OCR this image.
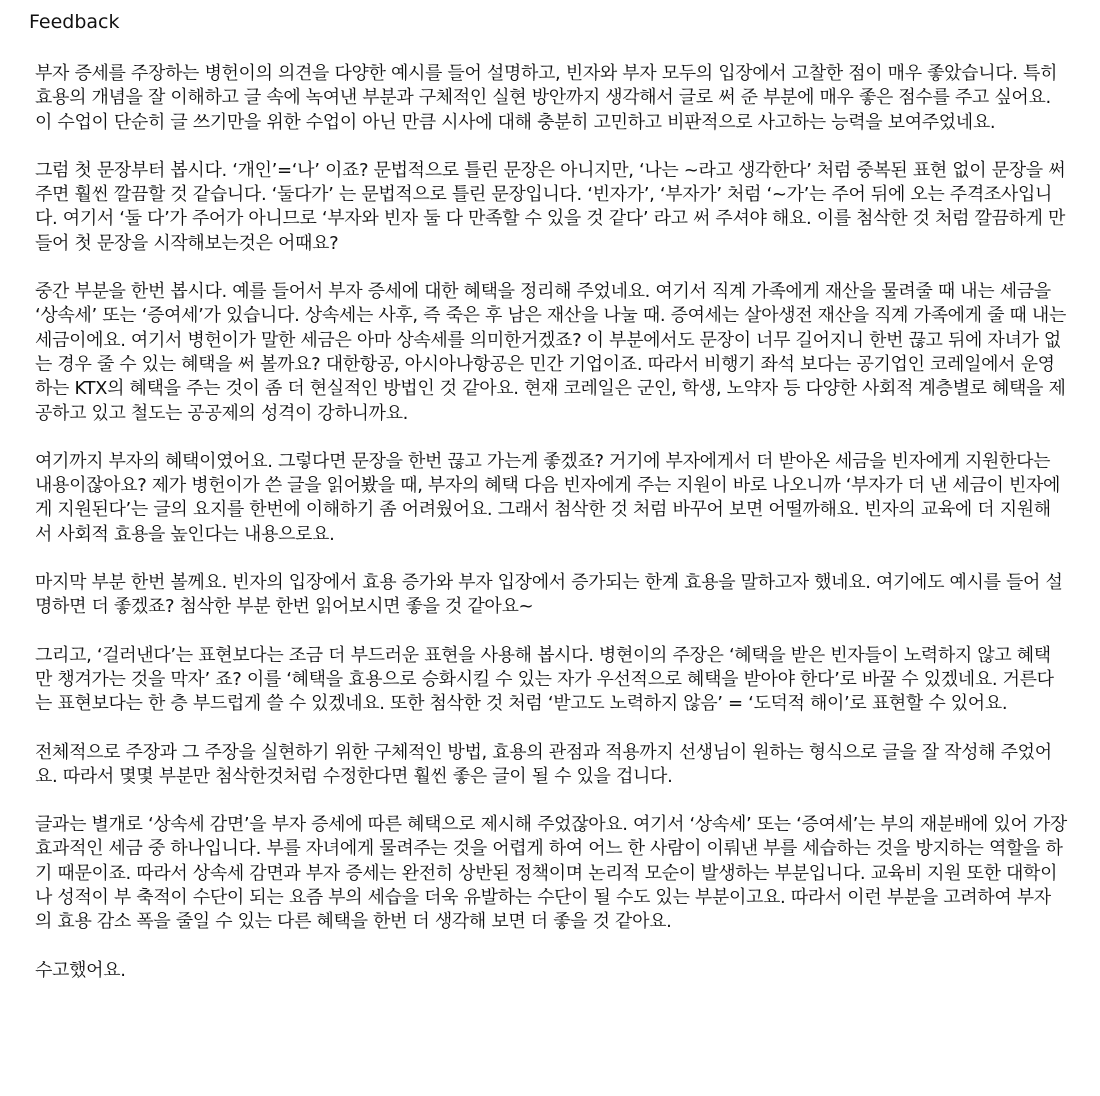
Feedback

부자 증세를 주장하는 병헌이의 의견을 다양한 예시를 들어 설명하고, 빈자와 부자 모두의 입장에서 고찰한 점이 매우 좋았습니다. 특히 효용의 개념을 잘 이해하고 글 속에 녹여낸 부분과 구체적인 실현 방안까지 생각해서 글로 써 준 부분에 매우 좋은 점수를 주고 싶어요. 이 수업이 단순히 글 쓰기만을 위한 수업이 아닌 만큼 시사에 대해 충분히 고민하고 비판적으로 사고하는 능력을 보여주었네요.

그럼 첫 문장부터 봅시다. ‘개인’=‘나’ 이죠? 문법적으로 틀린 문장은 아니지만, ‘나는 ~라고 생각한다’ 처럼 중복된 표현 없이 문장을 써 주면 훨씬 깔끔할 것 같습니다. ‘둘다가’ 는 문법적으로 틀린 문장입니다. ‘빈자가’, ‘부자가’ 처럼 ‘~가’는 주어 뒤에 오는 주격조사입니다. 여기서 ‘둘 다’가 주어가 아니므로 ‘부자와 빈자 둘 다 만족할 수 있을 것 같다’ 라고 써 주셔야 해요. 이를 첨삭한 것 처럼 깔끔하게 만들어 첫 문장을 시작해보는것은 어때요?

중간 부분을 한번 봅시다. 예를 들어서 부자 증세에 대한 혜택을 정리해 주었네요. 여기서 직계 가족에게 재산을 물려줄 때 내는 세금을 ‘상속세’ 또는 ‘증여세’가 있습니다. 상속세는 사후, 즉 죽은 후 남은 재산을 나눌 때. 증여세는 살아생전 재산을 직계 가족에게 줄 때 내는 세금이에요. 여기서 병헌이가 말한 세금은 아마 상속세를 의미한거겠죠? 이 부분에서도 문장이 너무 길어지니 한번 끊고 뒤에 자녀가 없는 경우 줄 수 있는 혜택을 써 볼까요? 대한항공, 아시아나항공은 민간 기업이죠. 따라서 비행기 좌석 보다는 공기업인 코레일에서 운영하는 KTX의 혜택을 주는 것이 좀 더 현실적인 방법인 것 같아요. 현재 코레일은 군인, 학생, 노약자 등 다양한 사회적 계층별로 혜택을 제공하고 있고 철도는 공공제의 성격이 강하니까요.

여기까지 부자의 혜택이였어요. 그렇다면 문장을 한번 끊고 가는게 좋겠죠? 거기에 부자에게서 더 받아온 세금을 빈자에게 지원한다는 내용이잖아요? 제가 병헌이가 쓴 글을 읽어봤을 때, 부자의 혜택 다음 빈자에게 주는 지원이 바로 나오니까 ‘부자가 더 낸 세금이 빈자에게 지원된다’는 글의 요지를 한번에 이해하기 좀 어려웠어요. 그래서 첨삭한 것 처럼 바꾸어 보면 어떨까해요. 빈자의 교육에 더 지원해서 사회적 효용을 높인다는 내용으로요.

마지막 부분 한번 볼께요. 빈자의 입장에서 효용 증가와 부자 입장에서 증가되는 한계 효용을 말하고자 했네요. 여기에도 예시를 들어 설명하면 더 좋겠죠? 첨삭한 부분 한번 읽어보시면 좋을 것 같아요~

그리고, ‘걸러낸다’는 표현보다는 조금 더 부드러운 표현을 사용해 봅시다. 병현이의 주장은 ‘혜택을 받은 빈자들이 노력하지 않고 혜택만 챙겨가는 것을 막자’ 죠? 이를 ‘혜택을 효용으로 승화시킬 수 있는 자가 우선적으로 혜택을 받아야 한다’로 바꿀 수 있겠네요. 거른다는 표현보다는 한 층 부드럽게 쓸 수 있겠네요. 또한 첨삭한 것 처럼 ‘받고도 노력하지 않음’ = ‘도덕적 해이’로 표현할 수 있어요.

전체적으로 주장과 그 주장을 실현하기 위한 구체적인 방법, 효용의 관점과 적용까지 선생님이 원하는 형식으로 글을 잘 작성해 주었어요. 따라서 몇몇 부분만 첨삭한것처럼 수정한다면 훨씬 좋은 글이 될 수 있을 겁니다.

글과는 별개로 ‘상속세 감면’을 부자 증세에 따른 혜택으로 제시해 주었잖아요. 여기서 ‘상속세’ 또는 ‘증여세’는 부의 재분배에 있어 가장 효과적인 세금 중 하나입니다. 부를 자녀에게 물려주는 것을 어렵게 하여 어느 한 사람이 이뤄낸 부를 세습하는 것을 방지하는 역할을 하기 때문이죠. 따라서 상속세 감면과 부자 증세는 완전히 상반된 정책이며 논리적 모순이 발생하는 부분입니다. 교육비 지원 또한 대학이나 성적이 부 축적이 수단이 되는 요즘 부의 세습을 더욱 유발하는 수단이 될 수도 있는 부분이고요. 따라서 이런 부분을 고려하여 부자의 효용 감소 폭을 줄일 수 있는 다른 혜택을 한번 더 생각해 보면 더 좋을 것 같아요.

수고했어요.
